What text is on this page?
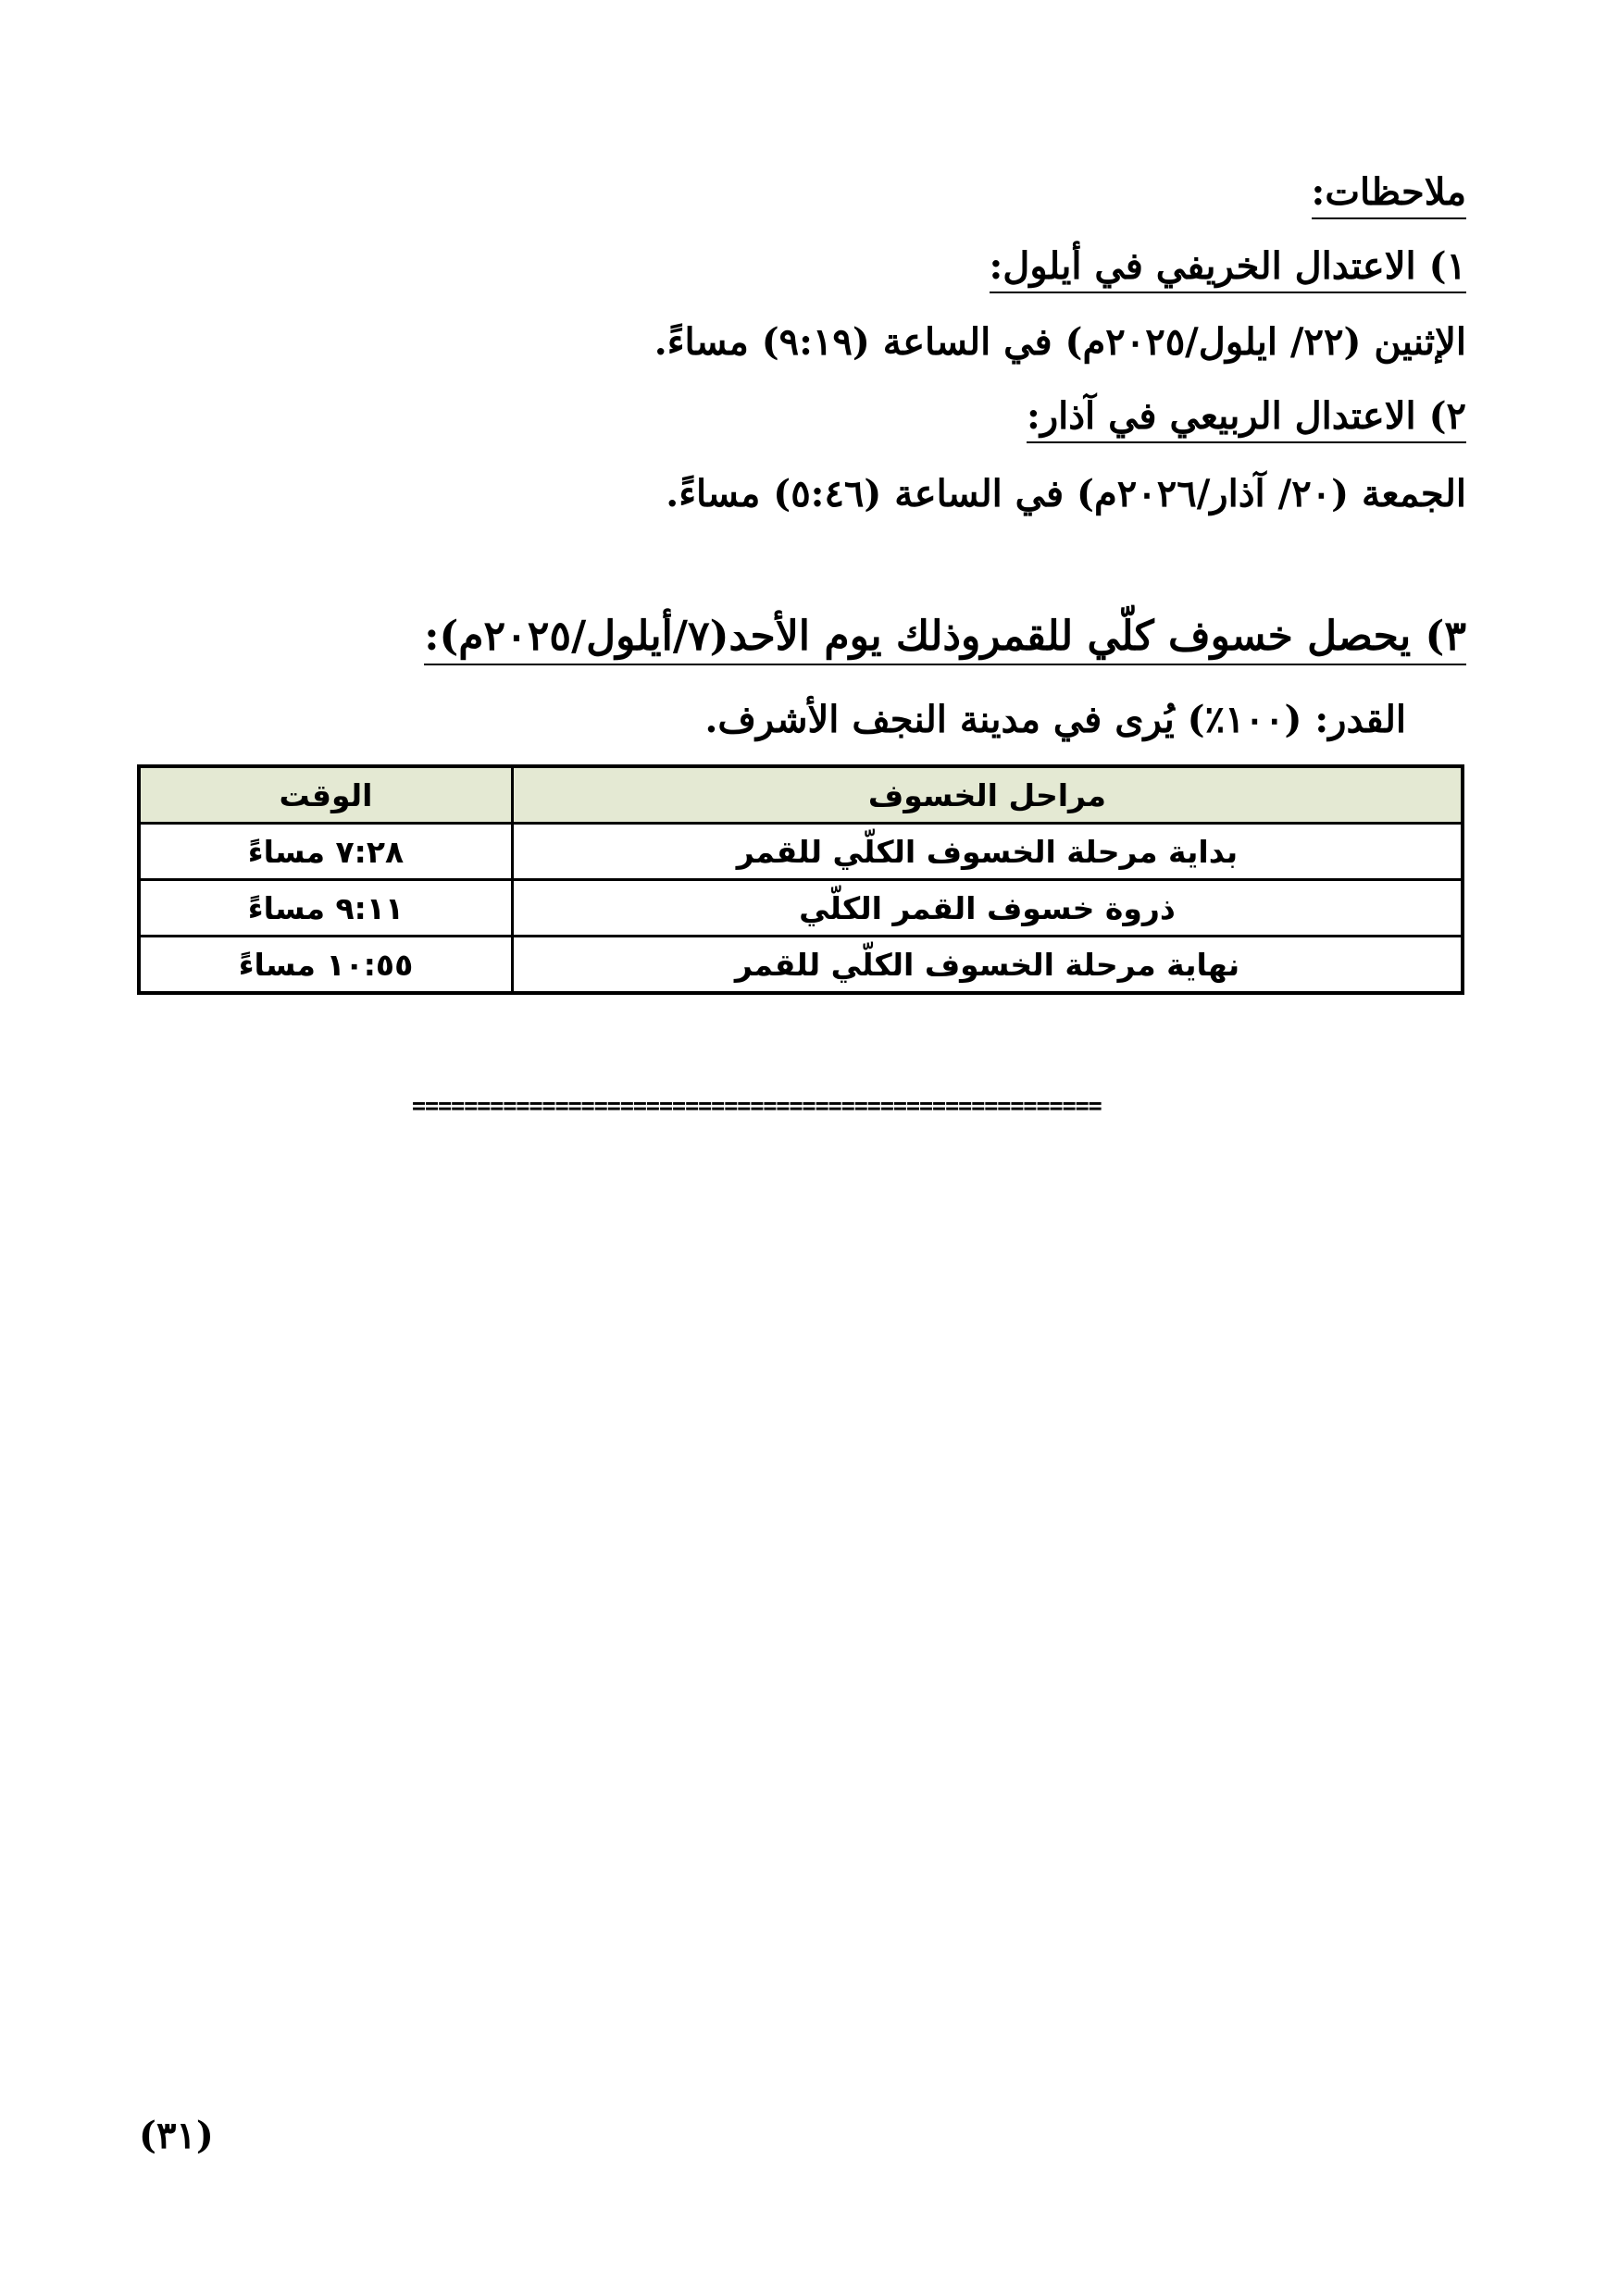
ملاحظات:
١) الاعتدال الخريفي في أيلول:
الإثنين (٢٢/ ايلول/٢٠٢٥م) في الساعة (٩:١٩) مساءً.
٢) الاعتدال الربيعي في آذار:
الجمعة (٢٠/ آذار/٢٠٢٦م) في الساعة (٥:٤٦) مساءً.
٣) يحصل خسوف كلّي للقمروذلك يوم الأحد(٧/أيلول/٢٠٢٥م):
القدر: (١٠٠٪) يُرى في مدينة النجف الأشرف.
مراحل الخسوف	الوقت
بداية مرحلة الخسوف الكلّي للقمر	٧:٢٨ مساءً
ذروة خسوف القمر الكلّي	٩:١١ مساءً
نهاية مرحلة الخسوف الكلّي للقمر	١٠:٥٥ مساءً
=====================================================
(٣١)
